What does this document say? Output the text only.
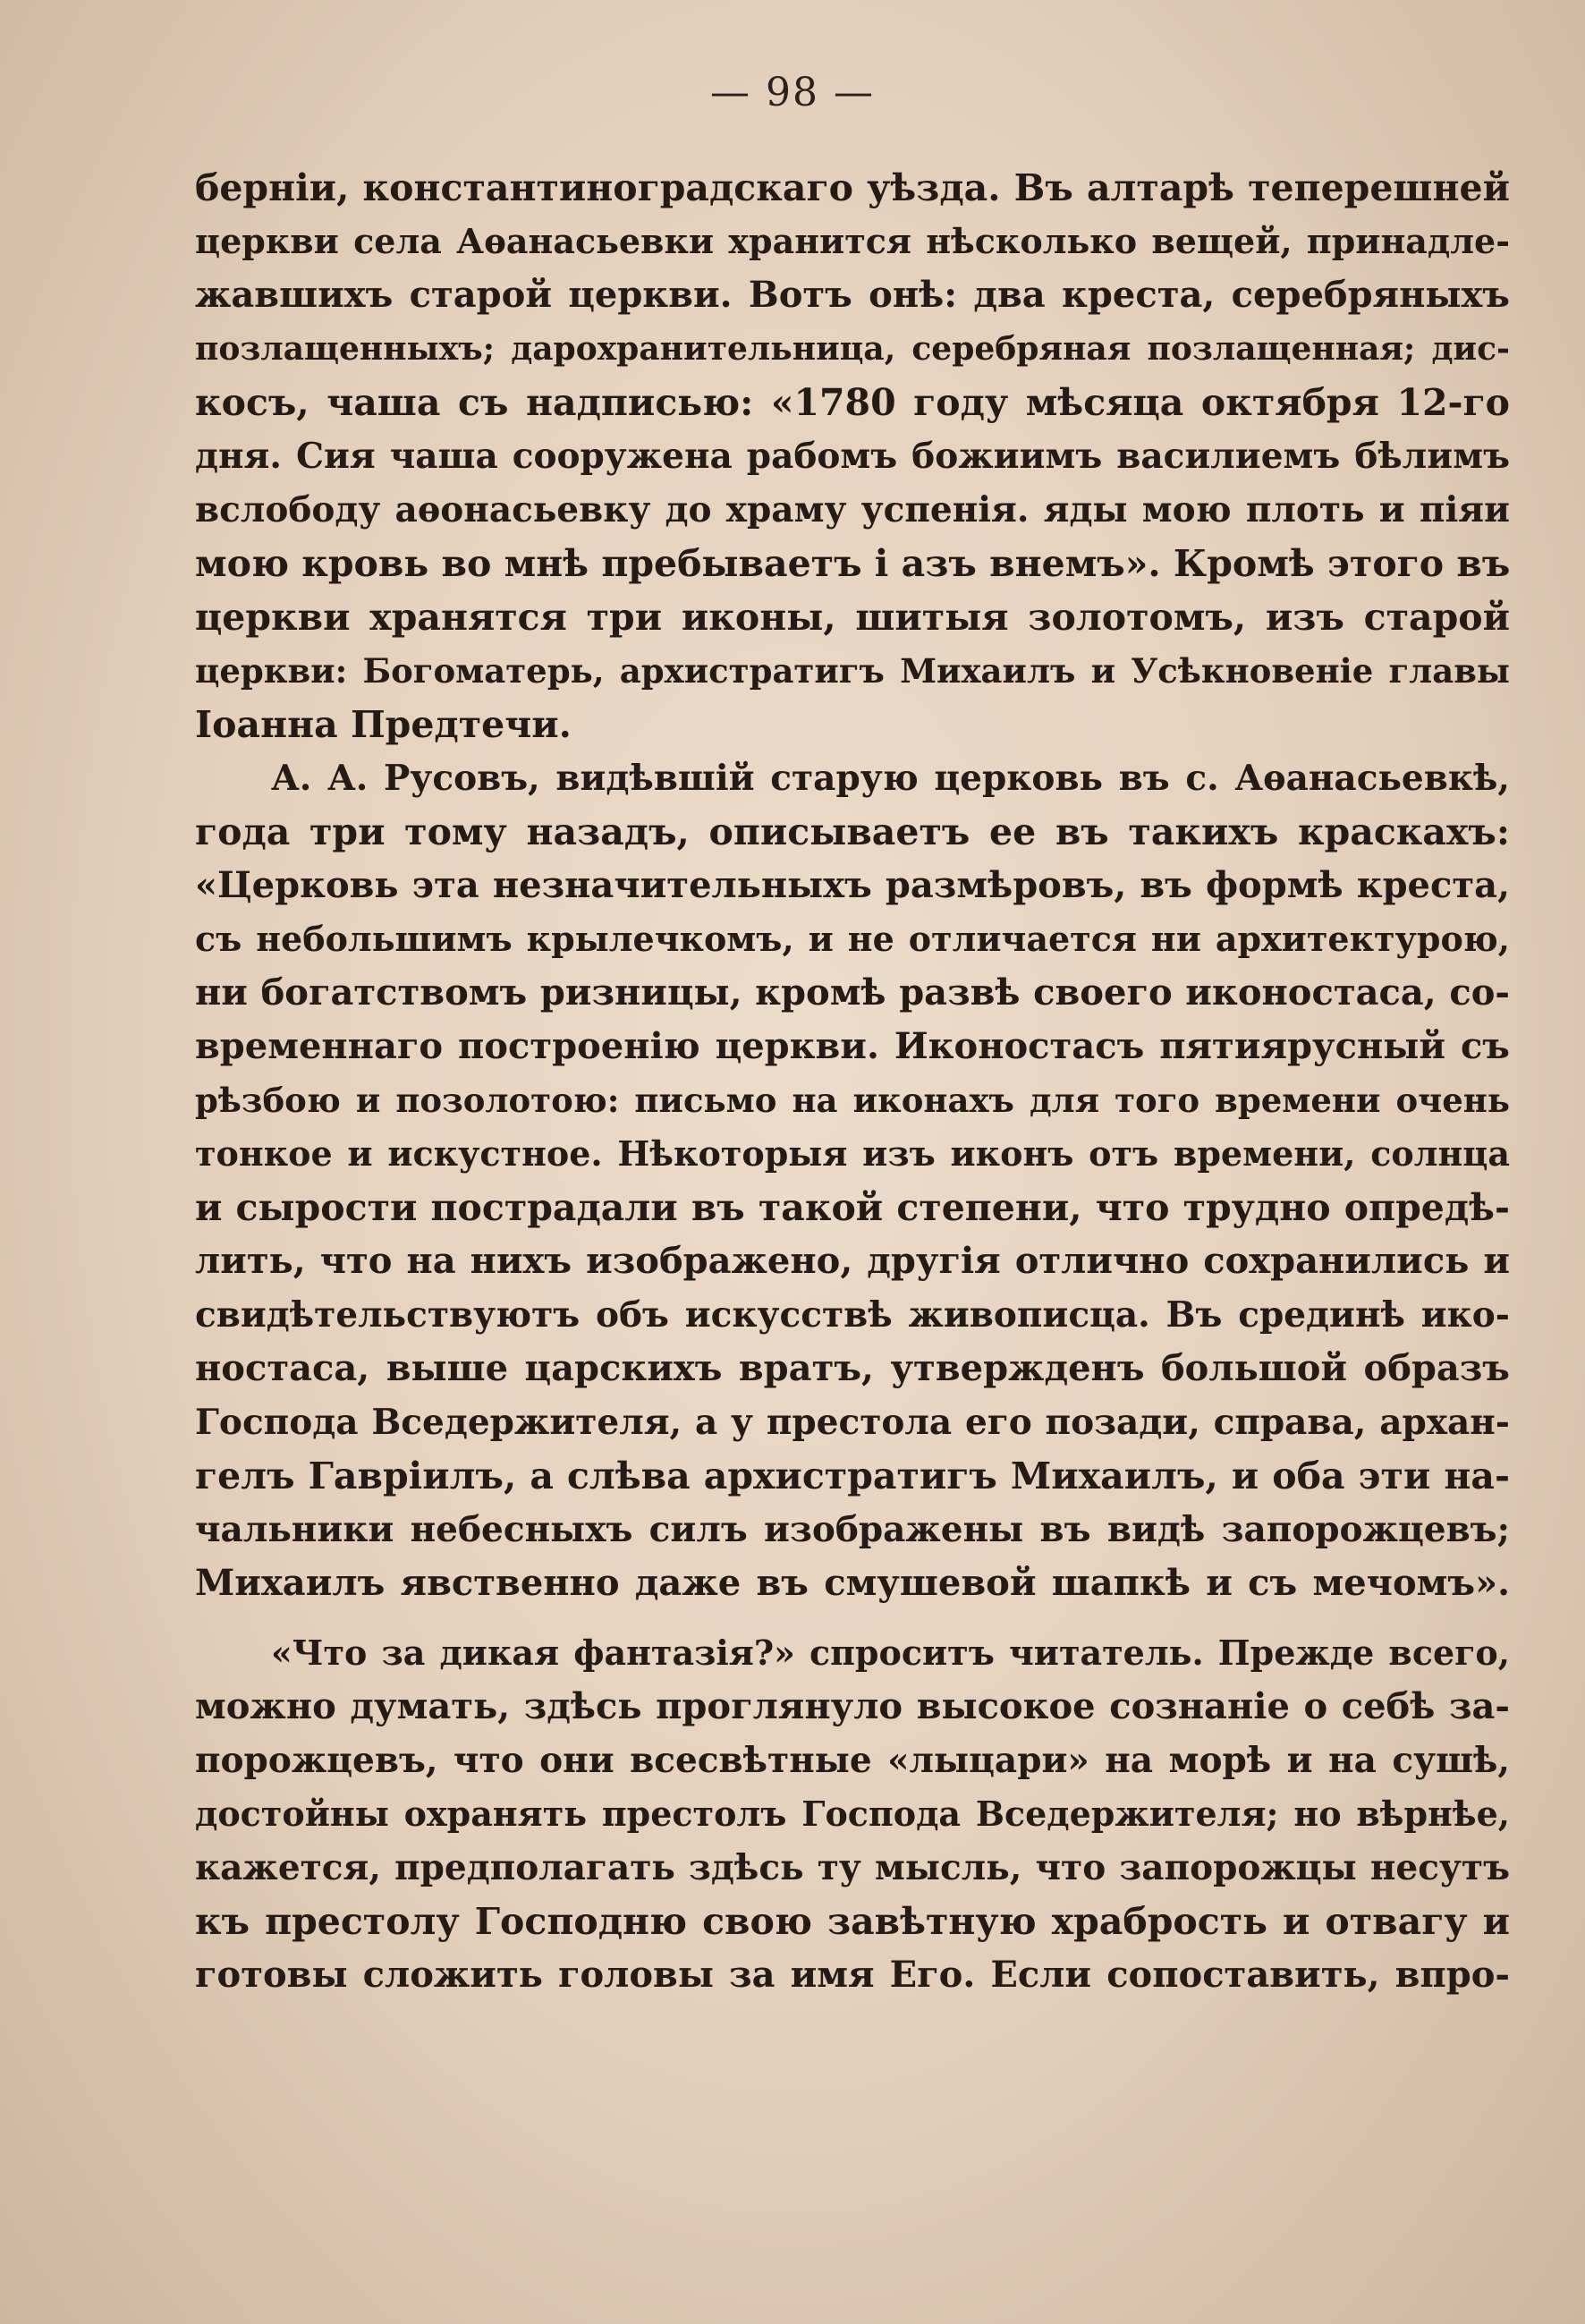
— 98 —
берніи, константиноградскаго уѣзда. Въ алтарѣ теперешней
церкви села Аѳанасьевки хранится нѣсколько вещей, принадле-
жавшихъ старой церкви. Вотъ онѣ: два креста, серебряныхъ
позлащенныхъ; дарохранительница, серебряная позлащенная; дис-
косъ, чаша съ надписью: «1780 году мѣсяца октября 12-го
дня. Сия чаша сооружена рабомъ божиимъ василиемъ бѣлимъ
вслободу аѳонасьевку до храму успенія. яды мою плоть и піяи
мою кровь во мнѣ пребываетъ і азъ внемъ». Кромѣ этого въ
церкви хранятся три иконы, шитыя золотомъ, изъ старой
церкви: Богоматерь, архистратигъ Михаилъ и Усѣкновеніе главы
Іоанна Предтечи.
А. А. Русовъ, видѣвшій старую церковь въ с. Аѳанасьевкѣ,
года три тому назадъ, описываетъ ее въ такихъ краскахъ:
«Церковь эта незначительныхъ размѣровъ, въ формѣ креста,
съ небольшимъ крылечкомъ, и не отличается ни архитектурою,
ни богатствомъ ризницы, кромѣ развѣ своего иконостаса, со-
временнаго построенію церкви. Иконостасъ пятиярусный съ
рѣзбою и позолотою: письмо на иконахъ для того времени очень
тонкое и искустное. Нѣкоторыя изъ иконъ отъ времени, солнца
и сырости пострадали въ такой степени, что трудно опредѣ-
лить, что на нихъ изображено, другія отлично сохранились и
свидѣтельствуютъ объ искусствѣ живописца. Въ срединѣ ико-
ностаса, выше царскихъ вратъ, утвержденъ большой образъ
Господа Вседержителя, а у престола его позади, справа, архан-
гелъ Гавріилъ, а слѣва архистратигъ Михаилъ, и оба эти на-
чальники небесныхъ силъ изображены въ видѣ запорожцевъ;
Михаилъ явственно даже въ смушевой шапкѣ и съ мечомъ».
«Что за дикая фантазія?» спроситъ читатель. Прежде всего,
можно думать, здѣсь проглянуло высокое сознаніе о себѣ за-
порожцевъ, что они всесвѣтные «лыцари» на морѣ и на сушѣ,
достойны охранять престолъ Господа Вседержителя; но вѣрнѣе,
кажется, предполагать здѣсь ту мысль, что запорожцы несутъ
къ престолу Господню свою завѣтную храбрость и отвагу и
готовы сложить головы за имя Его. Если сопоставить, впро-
